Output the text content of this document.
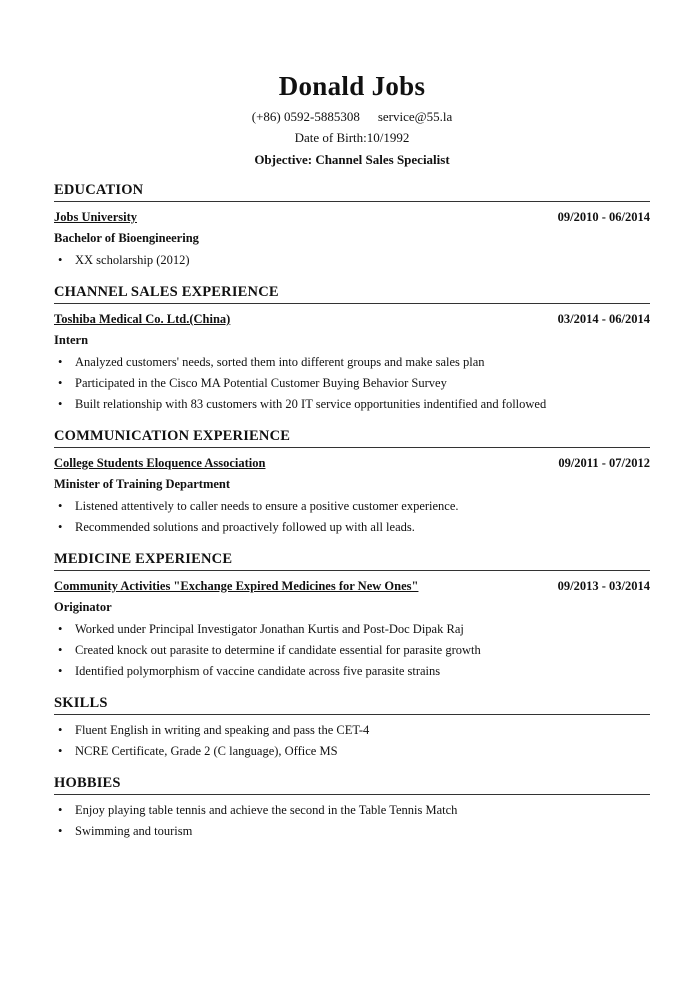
Donald Jobs
(+86) 0592-5885308 service@55.la
Date of Birth:10/1992
Objective: Channel Sales Specialist
EDUCATION
Jobs University	09/2010 - 06/2014
Bachelor of Bioengineering
• XX scholarship (2012)
CHANNEL SALES EXPERIENCE
Toshiba Medical Co. Ltd.(China)	03/2014 - 06/2014
Intern
• Analyzed customers' needs, sorted them into different groups and make sales plan
• Participated in the Cisco MA Potential Customer Buying Behavior Survey
• Built relationship with 83 customers with 20 IT service opportunities indentified and followed
COMMUNICATION EXPERIENCE
College Students Eloquence Association	09/2011 - 07/2012
Minister of Training Department
• Listened attentively to caller needs to ensure a positive customer experience.
• Recommended solutions and proactively followed up with all leads.
MEDICINE EXPERIENCE
Community Activities "Exchange Expired Medicines for New Ones"	09/2013 - 03/2014
Originator
• Worked under Principal Investigator Jonathan Kurtis and Post-Doc Dipak Raj
• Created knock out parasite to determine if candidate essential for parasite growth
• Identified polymorphism of vaccine candidate across five parasite strains
SKILLS
• Fluent English in writing and speaking and pass the CET-4
• NCRE Certificate, Grade 2 (C language), Office MS
HOBBIES
• Enjoy playing table tennis and achieve the second in the Table Tennis Match
• Swimming and tourism
